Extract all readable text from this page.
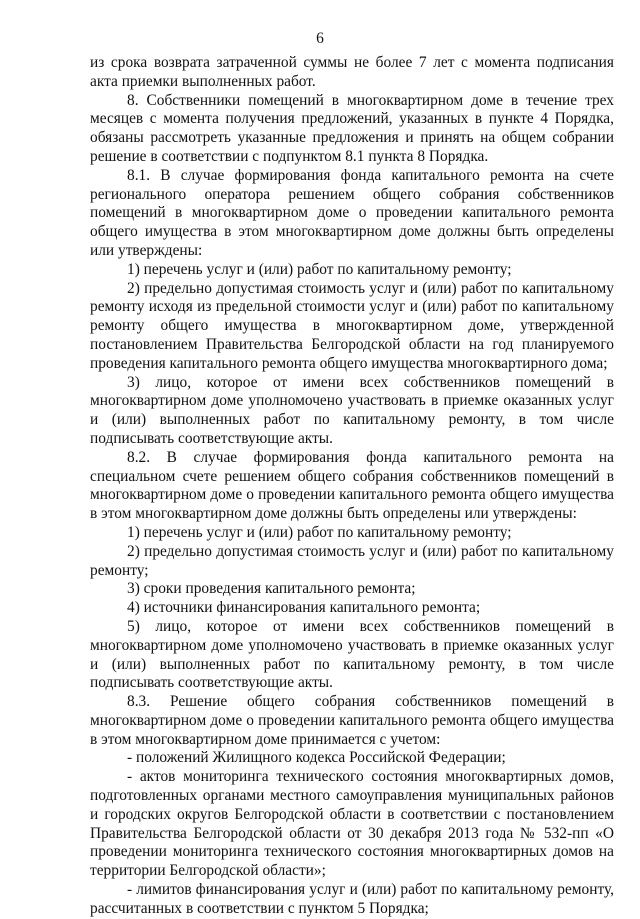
6

из срока возврата затраченной суммы не более 7 лет с момента подписания акта приемки выполненных работ.

8. Собственники помещений в многоквартирном доме в течение трех месяцев с момента получения предложений, указанных в пункте 4 Порядка, обязаны рассмотреть указанные предложения и принять на общем собрании решение в соответствии с подпунктом 8.1 пункта 8 Порядка.

8.1. В случае формирования фонда капитального ремонта на счете регионального оператора решением общего собрания собственников помещений в многоквартирном доме о проведении капитального ремонта общего имущества в этом многоквартирном доме должны быть определены или утверждены:

1) перечень услуг и (или) работ по капитальному ремонту;

2) предельно допустимая стоимость услуг и (или) работ по капитальному ремонту исходя из предельной стоимости услуг и (или) работ по капитальному ремонту общего имущества в многоквартирном доме, утвержденной постановлением Правительства Белгородской области на год планируемого проведения капитального ремонта общего имущества многоквартирного дома;

3) лицо, которое от имени всех собственников помещений в многоквартирном доме уполномочено участвовать в приемке оказанных услуг и (или) выполненных работ по капитальному ремонту, в том числе подписывать соответствующие акты.

8.2. В случае формирования фонда капитального ремонта на специальном счете решением общего собрания собственников помещений в многоквартирном доме о проведении капитального ремонта общего имущества в этом многоквартирном доме должны быть определены или утверждены:

1) перечень услуг и (или) работ по капитальному ремонту;

2) предельно допустимая стоимость услуг и (или) работ по капитальному ремонту;

3) сроки проведения капитального ремонта;

4) источники финансирования капитального ремонта;

5) лицо, которое от имени всех собственников помещений в многоквартирном доме уполномочено участвовать в приемке оказанных услуг и (или) выполненных работ по капитальному ремонту, в том числе подписывать соответствующие акты.

8.3. Решение общего собрания собственников помещений в многоквартирном доме о проведении капитального ремонта общего имущества в этом многоквартирном доме принимается с учетом:

- положений Жилищного кодекса Российской Федерации;

- актов мониторинга технического состояния многоквартирных домов, подготовленных органами местного самоуправления муниципальных районов и городских округов Белгородской области в соответствии с постановлением Правительства Белгородской области от 30 декабря 2013 года № 532-пп «О проведении мониторинга технического состояния многоквартирных домов на территории Белгородской области»;

- лимитов финансирования услуг и (или) работ по капитальному ремонту, рассчитанных в соответствии с пунктом 5 Порядка;
